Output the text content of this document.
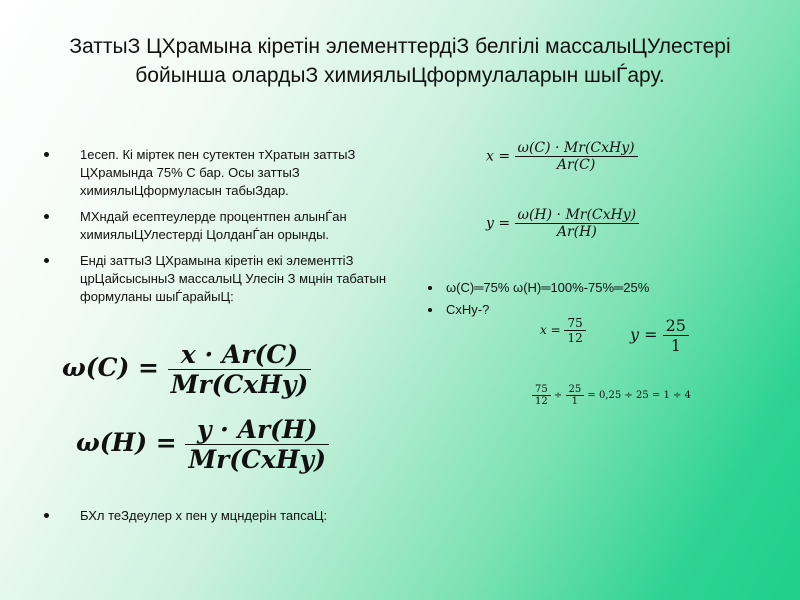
ЗаттыЗ ЦХрамына кiретiн элементтердiЗ белгiлi массалыЦУлестерi
бойынша олардыЗ химиялыЦформулаларын шыЃару.
1есеп. Кi мiртек пен сутектен тХратын заттыЗ ЦХрамында 75% С бар. Осы заттыЗ химиялыЦформуласын табыЗдар.
МХндай есептеулерде процентпен алынЃан химиялыЦУлестердi ЦолданЃан орынды.
Ендi заттыЗ ЦХрамына кiретiн екi элементтiЗ црЦайсысыныЗ массалыЦ Улесiн З мцнiн табатын формуланы шыЃарайыЦ:
$\omega(C) = \frac{x \cdot Ar(C)}{\text{Mr(CxHy)}}$
$\omega(H) = \frac{y \cdot Ar(H)}{\text{Mr(CxHy)}}$
БХл теЗдеулер х пен у мцндерiн тапсаЦ:
$x = \frac{\text{ω(C) · Mr(CxHy)}}{Ar(C)}$
$y = \frac{\text{ω(H) · Mr(CxHy)}}{Ar(H)}$
ω(C)═75% ω(H)═100%-75%═25%
CxHy-?
$x = \frac{75}{12}$	$y = \frac{25}{1}$
$\frac{75}{12} \div \frac{25}{1} = 0,25 \div 25 = 1 \div 4$
